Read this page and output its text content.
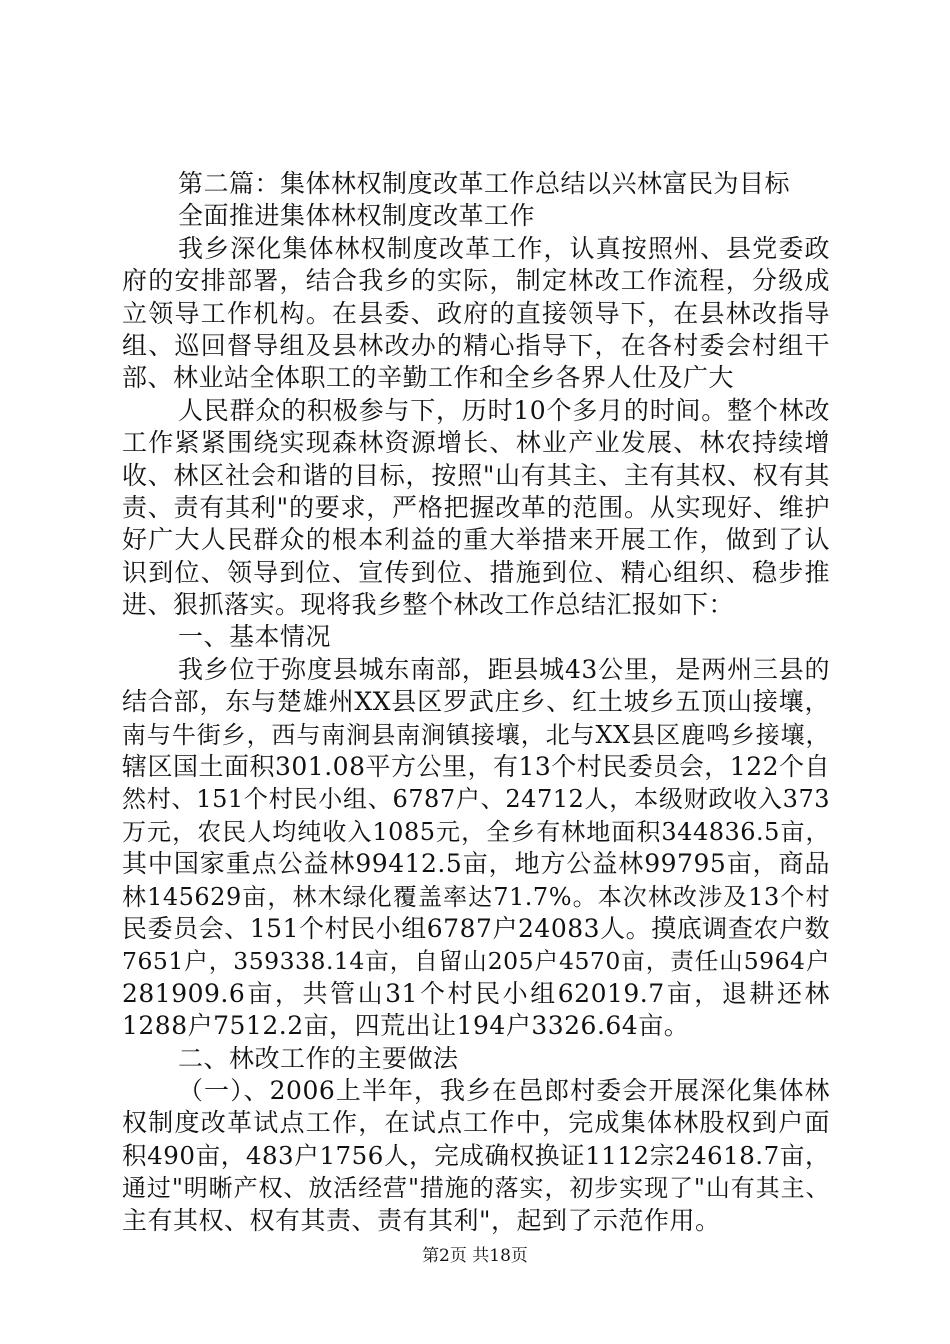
第二篇：集体林权制度改革工作总结以兴林富民为目标
全面推进集体林权制度改革工作
我乡深化集体林权制度改革工作，认真按照州、县党委政
府的安排部署，结合我乡的实际，制定林改工作流程，分级成
立领导工作机构。在县委、政府的直接领导下，在县林改指导
组、巡回督导组及县林改办的精心指导下，在各村委会村组干
部、林业站全体职工的辛勤工作和全乡各界人仕及广大
人民群众的积极参与下，历时10个多月的时间。整个林改
工作紧紧围绕实现森林资源增长、林业产业发展、林农持续增
收、林区社会和谐的目标，按照"山有其主、主有其权、权有其
责、责有其利"的要求，严格把握改革的范围。从实现好、维护
好广大人民群众的根本利益的重大举措来开展工作，做到了认
识到位、领导到位、宣传到位、措施到位、精心组织、稳步推
进、狠抓落实。现将我乡整个林改工作总结汇报如下：
一、基本情况
我乡位于弥度县城东南部，距县城43公里，是两州三县的
结合部，东与楚雄州XX县区罗武庄乡、红土坡乡五顶山接壤，
南与牛街乡，西与南涧县南涧镇接壤，北与XX县区鹿鸣乡接壤，
辖区国土面积301.08平方公里，有13个村民委员会，122个自
然村、151个村民小组、6787户、24712人，本级财政收入373
万元，农民人均纯收入1085元，全乡有林地面积344836.5亩，
其中国家重点公益林99412.5亩，地方公益林99795亩，商品
林145629亩，林木绿化覆盖率达71.7%。本次林改涉及13个村
民委员会、151个村民小组6787户24083人。摸底调查农户数
7651户，359338.14亩，自留山205户4570亩，责任山5964户
281909.6亩，共管山31个村民小组62019.7亩，退耕还林
1288户7512.2亩，四荒出让194户3326.64亩。
二、林改工作的主要做法
（一）、2006上半年，我乡在邑郎村委会开展深化集体林
权制度改革试点工作，在试点工作中，完成集体林股权到户面
积490亩，483户1756人，完成确权换证1112宗24618.7亩，
通过"明晰产权、放活经营"措施的落实，初步实现了"山有其主、
主有其权、权有其责、责有其利"，起到了示范作用。
第2页 共18页
